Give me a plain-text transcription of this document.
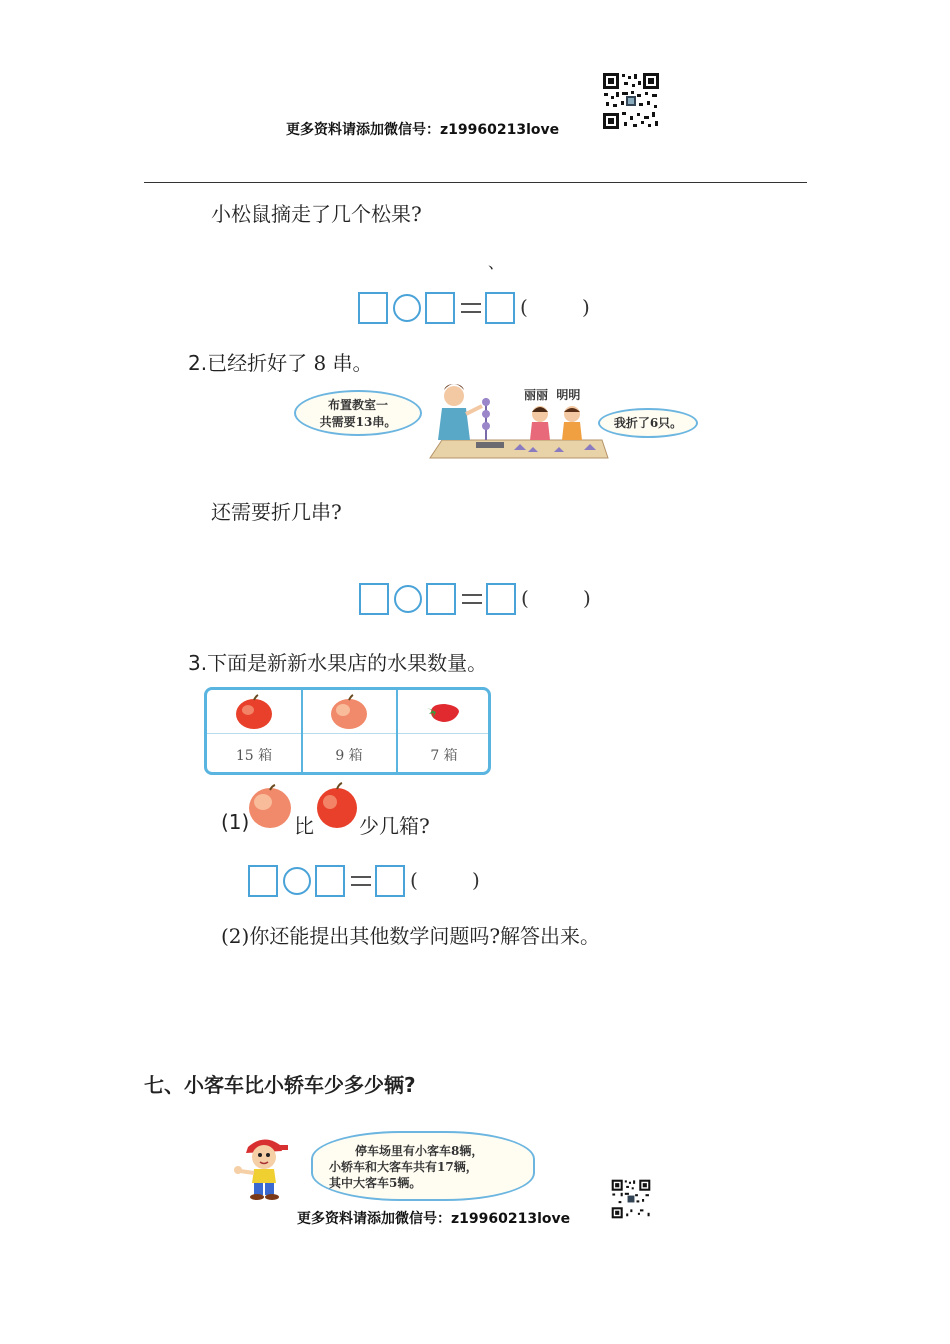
更多资料请添加微信号：z19960213love
小松鼠摘走了几个松果?
、
(	)
2.已经折好了 8 串。
布置教室一
共需要13串。
丽丽  明明
我折了6只。
还需要折几串?
(	)
3.下面是新新水果店的水果数量。
15 箱	9 箱	7 箱
(1) 比 少几箱?
(	)
(2)你还能提出其他数学问题吗?解答出来。
七、小客车比小轿车少多少辆?
停车场里有小客车8辆，
小轿车和大客车共有17辆，
其中大客车5辆。
更多资料请添加微信号：z19960213love
